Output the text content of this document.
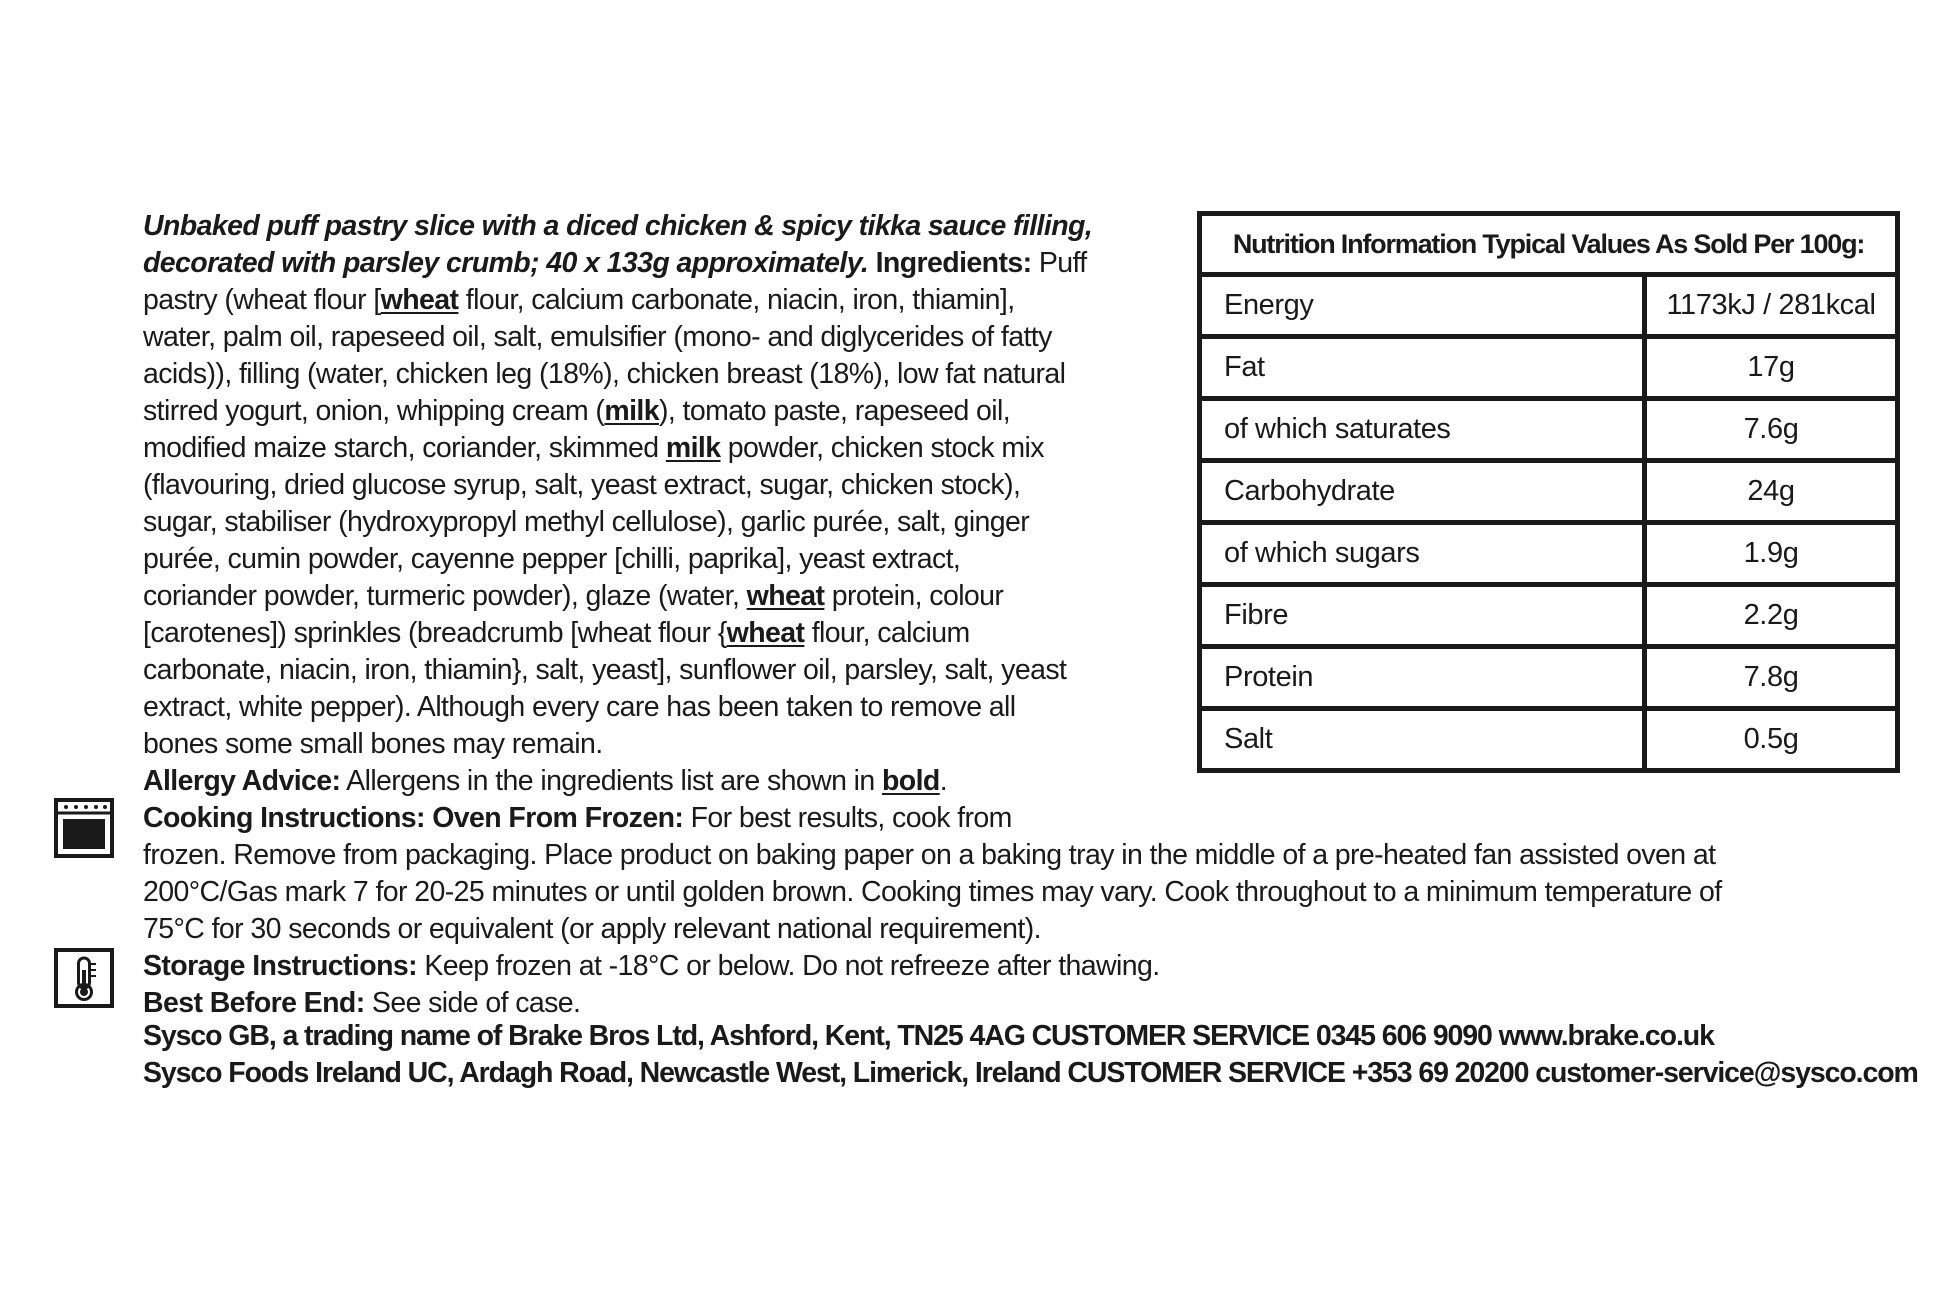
Unbaked puff pastry slice with a diced chicken & spicy tikka sauce filling,
decorated with parsley crumb; 40 x 133g approximately. Ingredients: Puff
pastry (wheat flour [wheat flour, calcium carbonate, niacin, iron, thiamin],
water, palm oil, rapeseed oil, salt, emulsifier (mono- and diglycerides of fatty
acids)), filling (water, chicken leg (18%), chicken breast (18%), low fat natural
stirred yogurt, onion, whipping cream (milk), tomato paste, rapeseed oil,
modified maize starch, coriander, skimmed milk powder, chicken stock mix
(flavouring, dried glucose syrup, salt, yeast extract, sugar, chicken stock),
sugar, stabiliser (hydroxypropyl methyl cellulose), garlic purée, salt, ginger
purée, cumin powder, cayenne pepper [chilli, paprika], yeast extract,
coriander powder, turmeric powder), glaze (water, wheat protein, colour
[carotenes]) sprinkles (breadcrumb [wheat flour {wheat flour, calcium
carbonate, niacin, iron, thiamin}, salt, yeast], sunflower oil, parsley, salt, yeast
extract, white pepper). Although every care has been taken to remove all
bones some small bones may remain.
Allergy Advice: Allergens in the ingredients list are shown in bold.
Cooking Instructions: Oven From Frozen: For best results, cook from
frozen. Remove from packaging. Place product on baking paper on a baking tray in the middle of a pre-heated fan assisted oven at
200°C/Gas mark 7 for 20-25 minutes or until golden brown. Cooking times may vary. Cook throughout to a minimum temperature of
75°C for 30 seconds or equivalent (or apply relevant national requirement).
Storage Instructions: Keep frozen at -18°C or below. Do not refreeze after thawing.
Best Before End: See side of case.
Sysco GB, a trading name of Brake Bros Ltd, Ashford, Kent, TN25 4AG CUSTOMER SERVICE 0345 606 9090 www.brake.co.uk
Sysco Foods Ireland UC, Ardagh Road, Newcastle West, Limerick, Ireland CUSTOMER SERVICE +353 69 20200 customer-service@sysco.com
Nutrition Information Typical Values As Sold Per 100g:	
Energy	1173kJ / 281kcal
Fat	17g
of which saturates	7.6g
Carbohydrate	24g
of which sugars	1.9g
Fibre	2.2g
Protein	7.8g
Salt	0.5g
